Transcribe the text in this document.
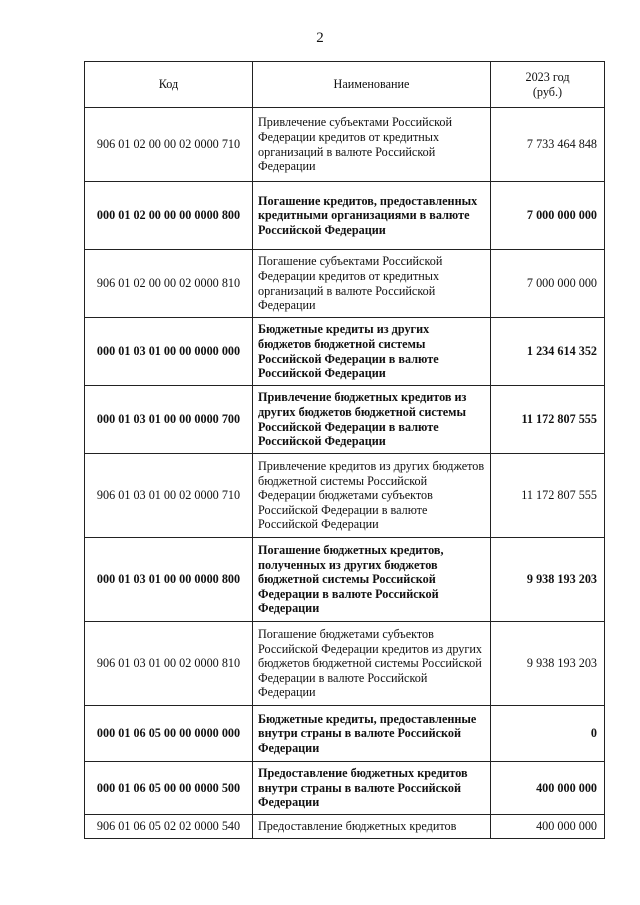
2
Код	Наименование	2023 год
(руб.)
906 01 02 00 00 02 0000 710	Привлечение субъектами Российской Федерации кредитов от кредитных организаций в валюте Российской Федерации	7 733 464 848
000 01 02 00 00 00 0000 800	Погашение кредитов, предоставленных кредитными организациями в валюте Российской Федерации	7 000 000 000
906 01 02 00 00 02 0000 810	Погашение субъектами Российской Федерации кредитов от кредитных организаций в валюте Российской Федерации	7 000 000 000
000 01 03 01 00 00 0000 000	Бюджетные кредиты из других бюджетов бюджетной системы Российской Федерации в валюте Российской Федерации	1 234 614 352
000 01 03 01 00 00 0000 700	Привлечение бюджетных кредитов из других бюджетов бюджетной системы Российской Федерации в валюте Российской Федерации	11 172 807 555
906 01 03 01 00 02 0000 710	Привлечение кредитов из других бюджетов бюджетной системы Российской Федерации бюджетами субъектов Российской Федерации в валюте Российской Федерации	11 172 807 555
000 01 03 01 00 00 0000 800	Погашение бюджетных кредитов, полученных из других бюджетов бюджетной системы Российской Федерации в валюте Российской Федерации	9 938 193 203
906 01 03 01 00 02 0000 810	Погашение бюджетами субъектов Российской Федерации кредитов из других бюджетов бюджетной системы Российской Федерации в валюте Российской Федерации	9 938 193 203
000 01 06 05 00 00 0000 000	Бюджетные кредиты, предоставленные внутри страны в валюте Российской Федерации	0
000 01 06 05 00 00 0000 500	Предоставление бюджетных кредитов внутри страны в валюте Российской Федерации	400 000 000
906 01 06 05 02 02 0000 540	Предоставление бюджетных кредитов	400 000 000
